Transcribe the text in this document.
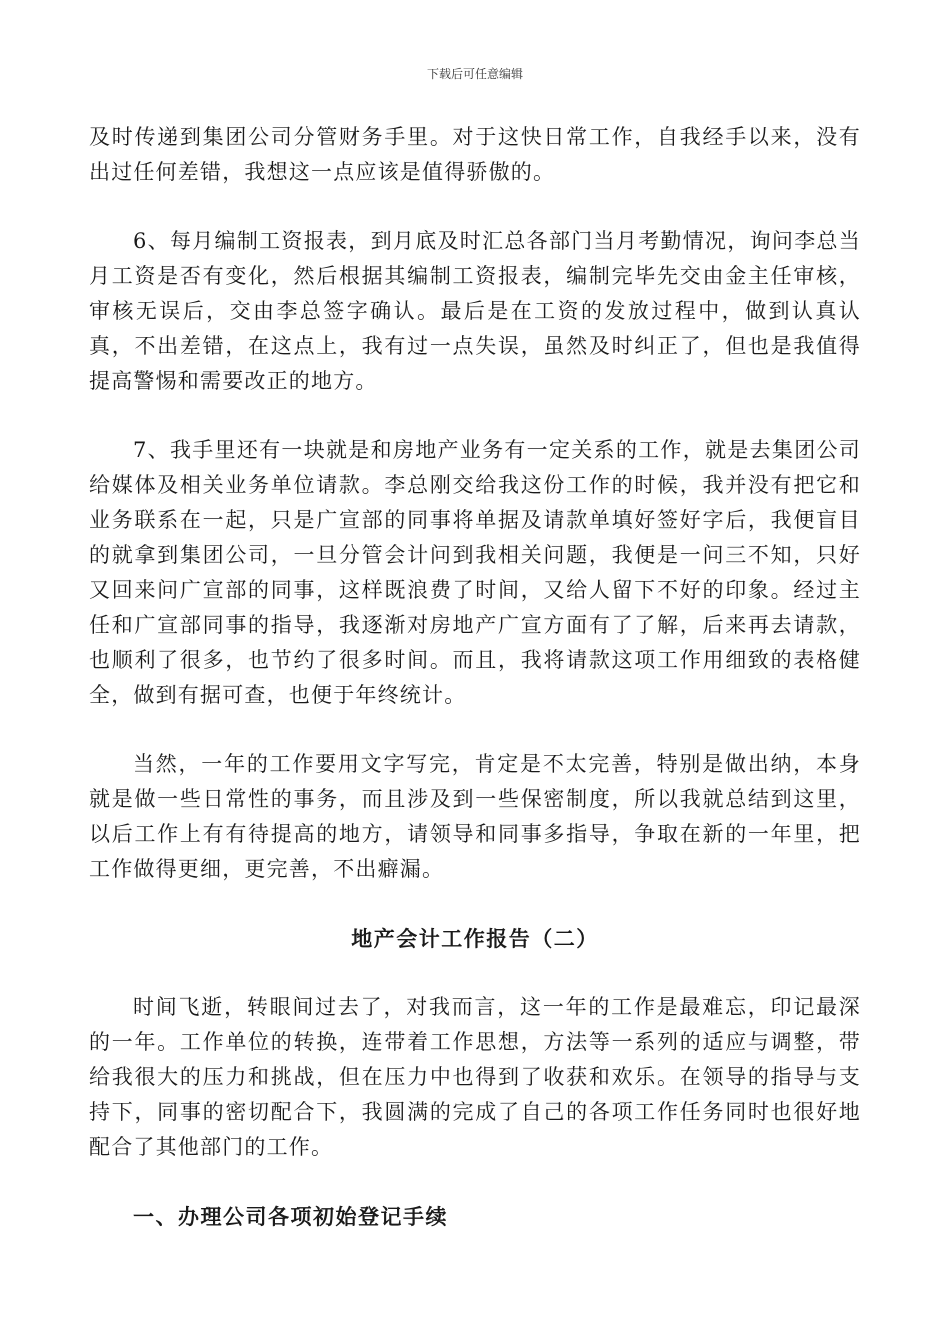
下载后可任意编辑

及时传递到集团公司分管财务手里。对于这快日常工作，自我经手以来，没有出过任何差错，我想这一点应该是值得骄傲的。

6、每月编制工资报表，到月底及时汇总各部门当月考勤情况，询问李总当月工资是否有变化，然后根据其编制工资报表，编制完毕先交由金主任审核，审核无误后，交由李总签字确认。最后是在工资的发放过程中，做到认真认真，不出差错，在这点上，我有过一点失误，虽然及时纠正了，但也是我值得提高警惕和需要改正的地方。

7、我手里还有一块就是和房地产业务有一定关系的工作，就是去集团公司给媒体及相关业务单位请款。李总刚交给我这份工作的时候，我并没有把它和业务联系在一起，只是广宣部的同事将单据及请款单填好签好字后，我便盲目的就拿到集团公司，一旦分管会计问到我相关问题，我便是一问三不知，只好又回来问广宣部的同事，这样既浪费了时间，又给人留下不好的印象。经过主任和广宣部同事的指导，我逐渐对房地产广宣方面有了了解，后来再去请款，也顺利了很多，也节约了很多时间。而且，我将请款这项工作用细致的表格健全，做到有据可查，也便于年终统计。

当然，一年的工作要用文字写完，肯定是不太完善，特别是做出纳，本身就是做一些日常性的事务，而且涉及到一些保密制度，所以我就总结到这里，以后工作上有有待提高的地方，请领导和同事多指导，争取在新的一年里，把工作做得更细，更完善，不出癖漏。

地产会计工作报告（二）

时间飞逝，转眼间过去了，对我而言，这一年的工作是最难忘，印记最深的一年。工作单位的转换，连带着工作思想，方法等一系列的适应与调整，带给我很大的压力和挑战，但在压力中也得到了收获和欢乐。在领导的指导与支持下，同事的密切配合下，我圆满的完成了自己的各项工作任务同时也很好地配合了其他部门的工作。

一、办理公司各项初始登记手续
